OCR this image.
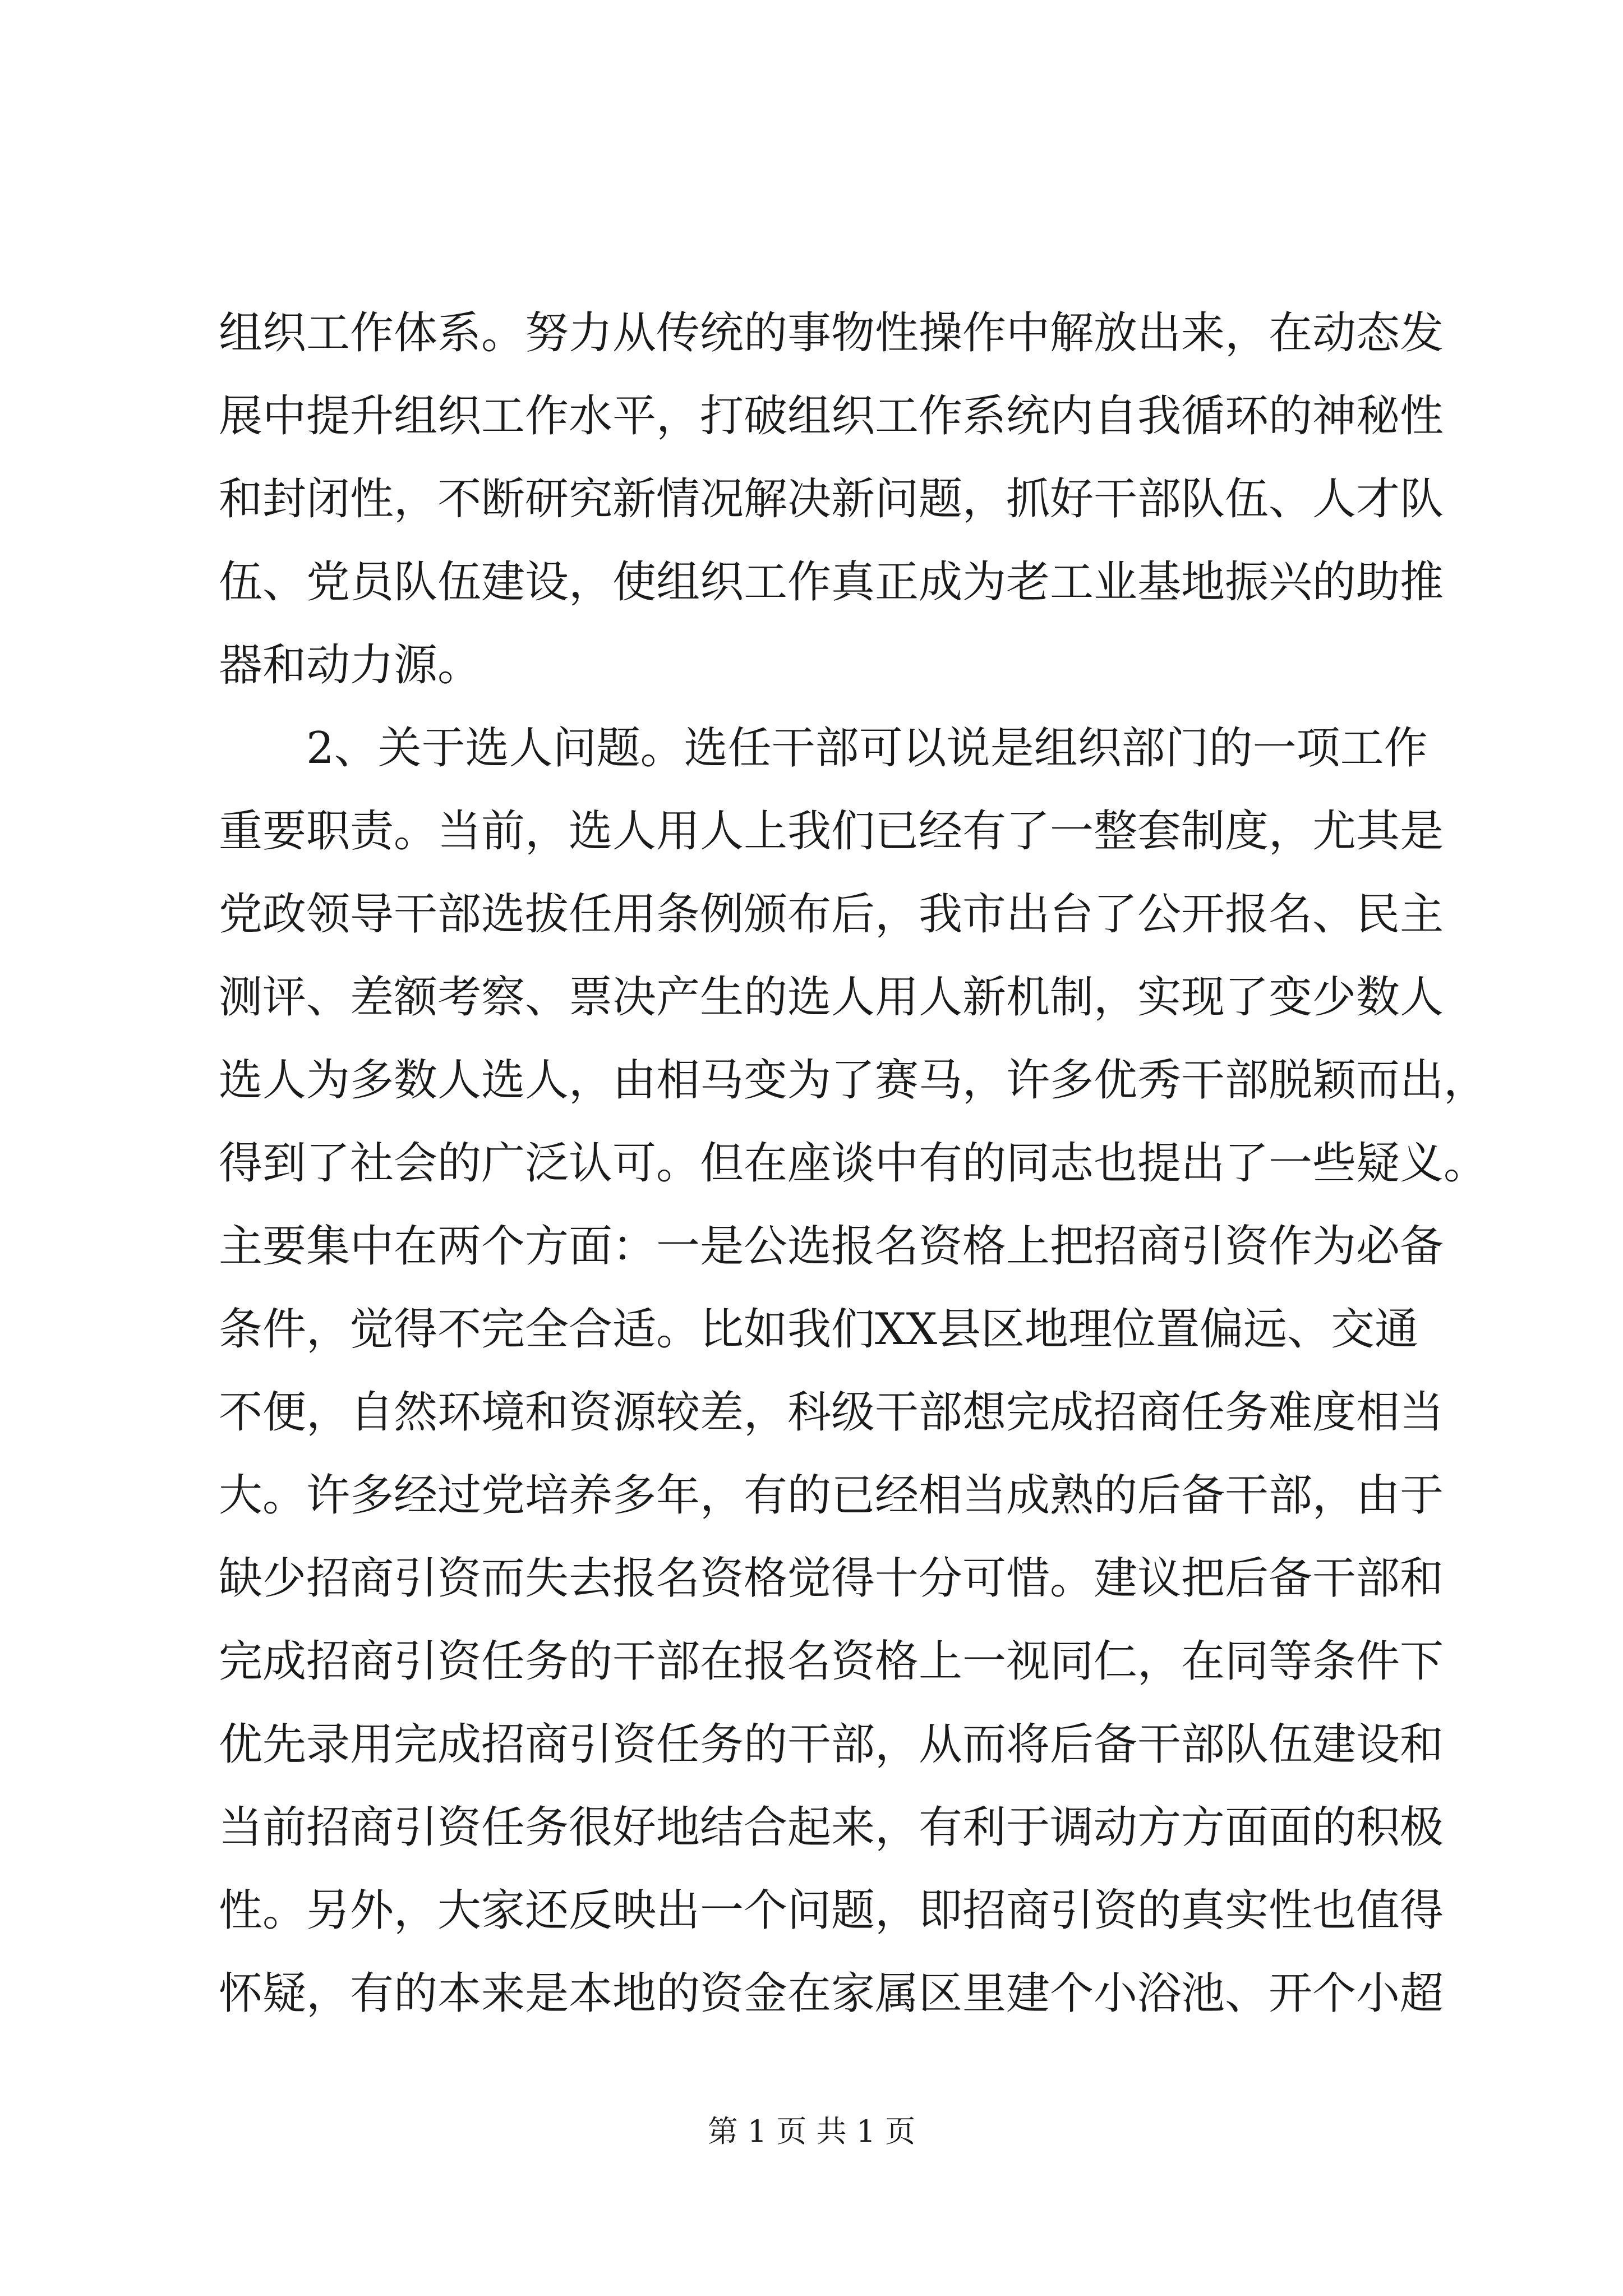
组织工作体系。努力从传统的事物性操作中解放出来，在动态发
展中提升组织工作水平，打破组织工作系统内自我循环的神秘性
和封闭性，不断研究新情况解决新问题，抓好干部队伍、人才队
伍、党员队伍建设，使组织工作真正成为老工业基地振兴的助推
器和动力源。
2、关于选人问题。选任干部可以说是组织部门的一项工作
重要职责。当前，选人用人上我们已经有了一整套制度，尤其是
党政领导干部选拔任用条例颁布后，我市出台了公开报名、民主
测评、差额考察、票决产生的选人用人新机制，实现了变少数人
选人为多数人选人，由相马变为了赛马，许多优秀干部脱颖而出，
得到了社会的广泛认可。但在座谈中有的同志也提出了一些疑义。
主要集中在两个方面：一是公选报名资格上把招商引资作为必备
条件，觉得不完全合适。比如我们XX县区地理位置偏远、交通
不便，自然环境和资源较差，科级干部想完成招商任务难度相当
大。许多经过党培养多年，有的已经相当成熟的后备干部，由于
缺少招商引资而失去报名资格觉得十分可惜。建议把后备干部和
完成招商引资任务的干部在报名资格上一视同仁，在同等条件下
优先录用完成招商引资任务的干部，从而将后备干部队伍建设和
当前招商引资任务很好地结合起来，有利于调动方方面面的积极
性。另外，大家还反映出一个问题，即招商引资的真实性也值得
怀疑，有的本来是本地的资金在家属区里建个小浴池、开个小超
第 1 页 共 1 页
